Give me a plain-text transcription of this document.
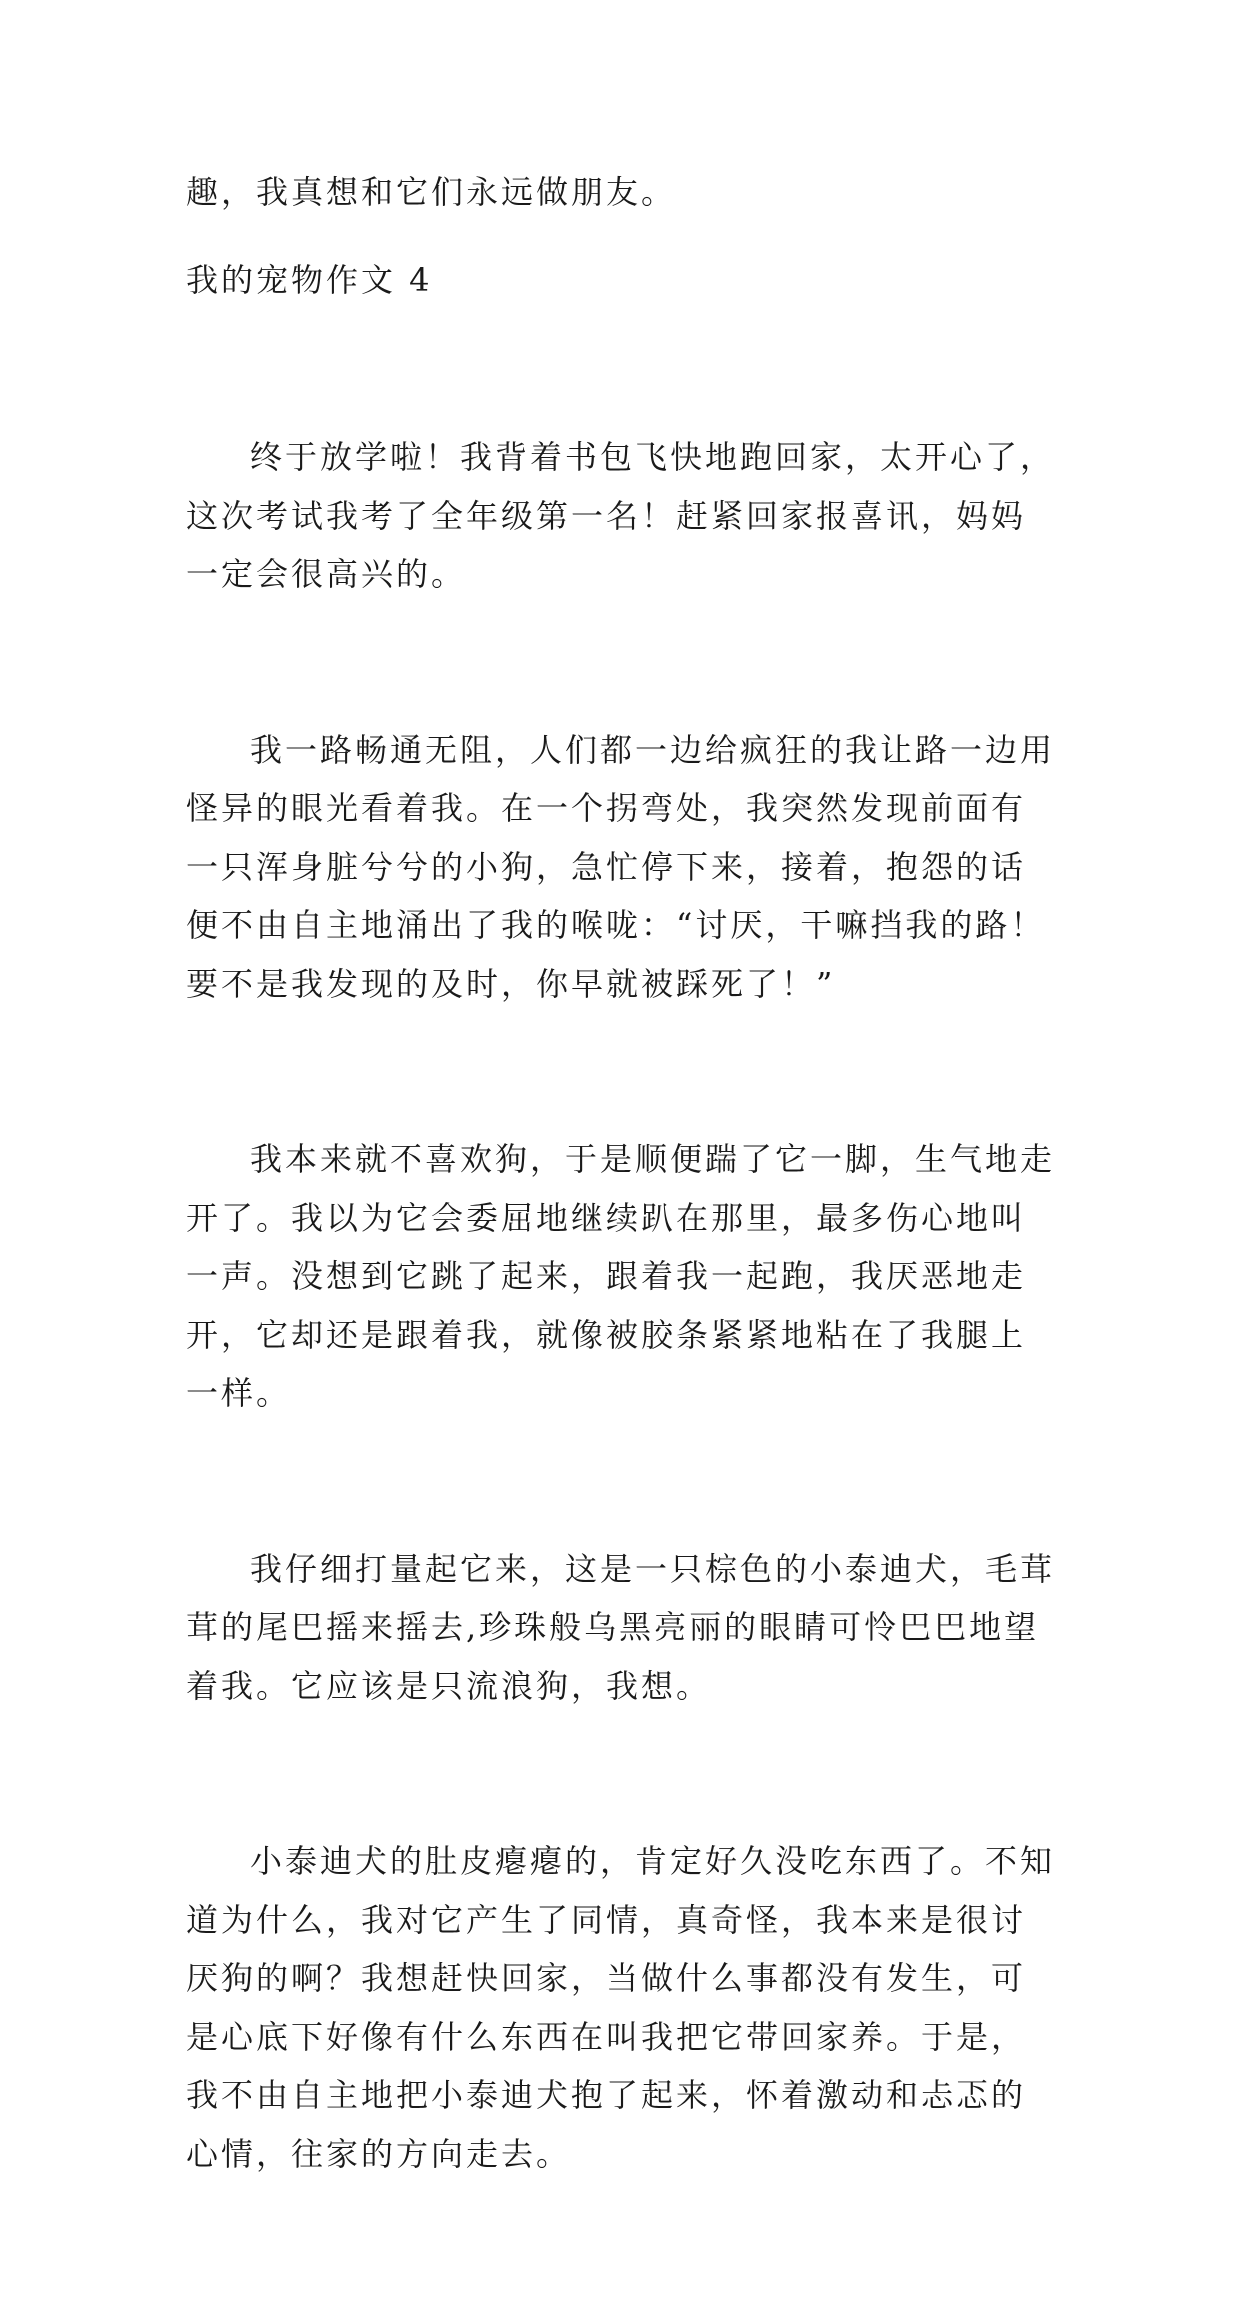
趣，我真想和它们永远做朋友。
我的宠物作文 4

终于放学啦！我背着书包飞快地跑回家，太开心了，这次考试我考了全年级第一名！赶紧回家报喜讯，妈妈一定会很高兴的。

我一路畅通无阻，人们都一边给疯狂的我让路一边用怪异的眼光看着我。在一个拐弯处，我突然发现前面有一只浑身脏兮兮的小狗，急忙停下来，接着，抱怨的话便不由自主地涌出了我的喉咙：“讨厌，干嘛挡我的路！要不是我发现的及时，你早就被踩死了！”

我本来就不喜欢狗，于是顺便踹了它一脚，生气地走开了。我以为它会委屈地继续趴在那里，最多伤心地叫一声。没想到它跳了起来，跟着我一起跑，我厌恶地走开，它却还是跟着我，就像被胶条紧紧地粘在了我腿上一样。

我仔细打量起它来，这是一只棕色的小泰迪犬，毛茸茸的尾巴摇来摇去,珍珠般乌黑亮丽的眼睛可怜巴巴地望着我。它应该是只流浪狗，我想。

小泰迪犬的肚皮瘪瘪的，肯定好久没吃东西了。不知道为什么，我对它产生了同情，真奇怪，我本来是很讨厌狗的啊？我想赶快回家，当做什么事都没有发生，可是心底下好像有什么东西在叫我把它带回家养。于是，我不由自主地把小泰迪犬抱了起来，怀着激动和忐忑的心情，往家的方向走去。
